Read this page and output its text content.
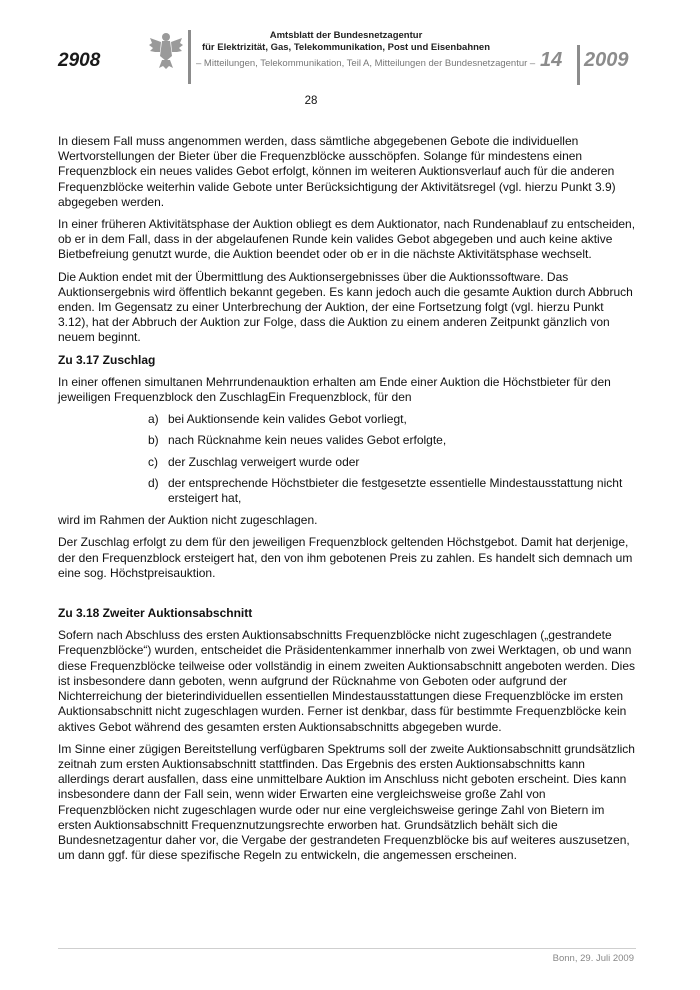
2908
Amtsblatt der Bundesnetzagentur
für Elektrizität, Gas, Telekommunikation, Post und Eisenbahnen
– Mitteilungen, Telekommunikation, Teil A, Mitteilungen der Bundesnetzagentur – 14 2009
28

In diesem Fall muss angenommen werden, dass sämtliche abgegebenen Gebote die individuellen Wertvorstellungen der Bieter über die Frequenzblöcke ausschöpfen. Solange für mindestens einen Frequenzblock ein neues valides Gebot erfolgt, können im weiteren Auktionsverlauf auch für die anderen Frequenzblöcke weiterhin valide Gebote unter Berücksichtigung der Aktivitätsregel (vgl. hierzu Punkt 3.9) abgegeben werden.

In einer früheren Aktivitätsphase der Auktion obliegt es dem Auktionator, nach Rundenablauf zu entscheiden, ob er in dem Fall, dass in der abgelaufenen Runde kein valides Gebot abgegeben und auch keine aktive Bietbefreiung genutzt wurde, die Auktion beendet oder ob er in die nächste Aktivitätsphase wechselt.

Die Auktion endet mit der Übermittlung des Auktionsergebnisses über die Auktionssoftware. Das Auktionsergebnis wird öffentlich bekannt gegeben. Es kann jedoch auch die gesamte Auktion durch Abbruch enden. Im Gegensatz zu einer Unterbrechung der Auktion, der eine Fortsetzung folgt (vgl. hierzu Punkt 3.12), hat der Abbruch der Auktion zur Folge, dass die Auktion zu einem anderen Zeitpunkt gänzlich von neuem beginnt.

Zu 3.17 Zuschlag

In einer offenen simultanen Mehrrundenauktion erhalten am Ende einer Auktion die Höchstbieter für den jeweiligen Frequenzblock den ZuschlagEin Frequenzblock, für den

a) bei Auktionsende kein valides Gebot vorliegt,
b) nach Rücknahme kein neues valides Gebot erfolgte,
c) der Zuschlag verweigert wurde oder
d) der entsprechende Höchstbieter die festgesetzte essentielle Mindestausstattung nicht ersteigert hat,

wird im Rahmen der Auktion nicht zugeschlagen.

Der Zuschlag erfolgt zu dem für den jeweiligen Frequenzblock geltenden Höchstgebot. Damit hat derjenige, der den Frequenzblock ersteigert hat, den von ihm gebotenen Preis zu zahlen. Es handelt sich demnach um eine sog. Höchstpreisauktion.

Zu 3.18 Zweiter Auktionsabschnitt

Sofern nach Abschluss des ersten Auktionsabschnitts Frequenzblöcke nicht zugeschlagen („gestrandete Frequenzblöcke“) wurden, entscheidet die Präsidentenkammer innerhalb von zwei Werktagen, ob und wann diese Frequenzblöcke teilweise oder vollständig in einem zweiten Auktionsabschnitt angeboten werden. Dies ist insbesondere dann geboten, wenn aufgrund der Rücknahme von Geboten oder aufgrund der Nichterreichung der bieterindividuellen essentiellen Mindestausstattungen diese Frequenzblöcke im ersten Auktionsabschnitt nicht zugeschlagen wurden. Ferner ist denkbar, dass für bestimmte Frequenzblöcke kein aktives Gebot während des gesamten ersten Auktionsabschnitts abgegeben wurde.

Im Sinne einer zügigen Bereitstellung verfügbaren Spektrums soll der zweite Auktionsabschnitt grundsätzlich zeitnah zum ersten Auktionsabschnitt stattfinden. Das Ergebnis des ersten Auktionsabschnitts kann allerdings derart ausfallen, dass eine unmittelbare Auktion im Anschluss nicht geboten erscheint. Dies kann insbesondere dann der Fall sein, wenn wider Erwarten eine vergleichsweise große Zahl von Frequenzblöcken nicht zugeschlagen wurde oder nur eine vergleichsweise geringe Zahl von Bietern im ersten Auktionsabschnitt Frequenznutzungsrechte erworben hat. Grundsätzlich behält sich die Bundesnetzagentur daher vor, die Vergabe der gestrandeten Frequenzblöcke bis auf weiteres auszusetzen, um dann ggf. für diese spezifische Regeln zu entwickeln, die angemessen erscheinen.

Bonn, 29. Juli 2009
